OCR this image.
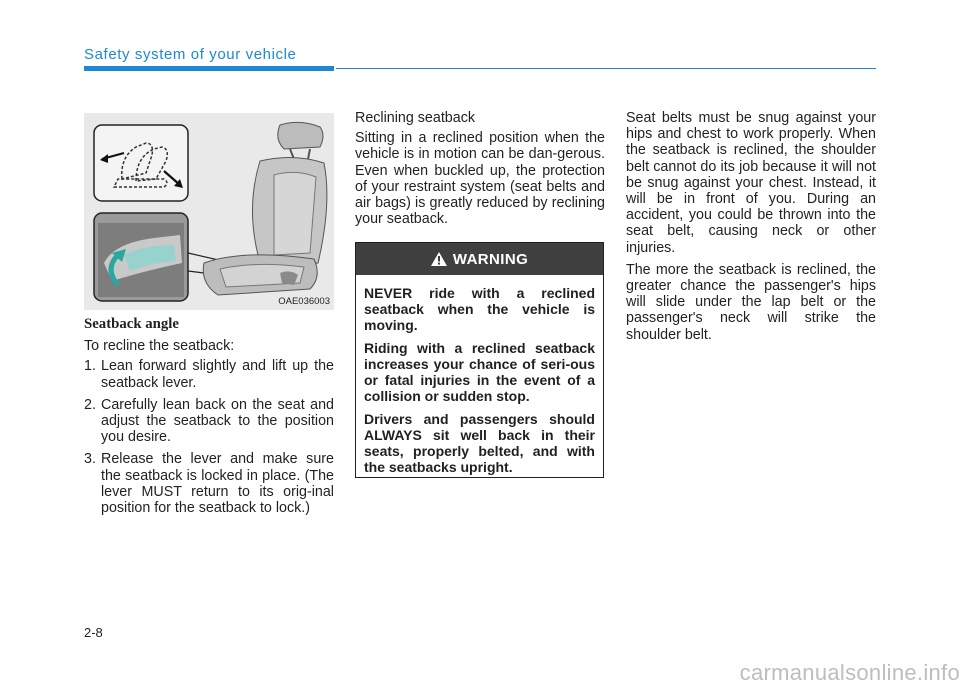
Safety system of your vehicle
OAE036003
Seatback angle

To recline the seatback:

1. Lean forward slightly and lift up the seatback lever.
2. Carefully lean back on the seat and adjust the seatback to the position you desire.
3. Release the lever and make sure the seatback is locked in place. (The lever MUST return to its orig-inal position for the seatback to lock.)

Reclining seatback

Sitting in a reclined position when the vehicle is in motion can be dan-gerous. Even when buckled up, the protection of your restraint system (seat belts and air bags) is greatly reduced by reclining your seatback.

WARNING

NEVER ride with a reclined seatback when the vehicle is moving.

Riding with a reclined seatback increases your chance of seri-ous or fatal injuries in the event of a collision or sudden stop.

Drivers and passengers should ALWAYS sit well back in their seats, properly belted, and with the seatbacks upright.

Seat belts must be snug against your hips and chest to work properly. When the seatback is reclined, the shoulder belt cannot do its job because it will not be snug against your chest. Instead, it will be in front of you. During an accident, you could be thrown into the seat belt, causing neck or other injuries.

The more the seatback is reclined, the greater chance the passenger's hips will slide under the lap belt or the passenger's neck will strike the shoulder belt.

2-8
carmanualsonline.info
